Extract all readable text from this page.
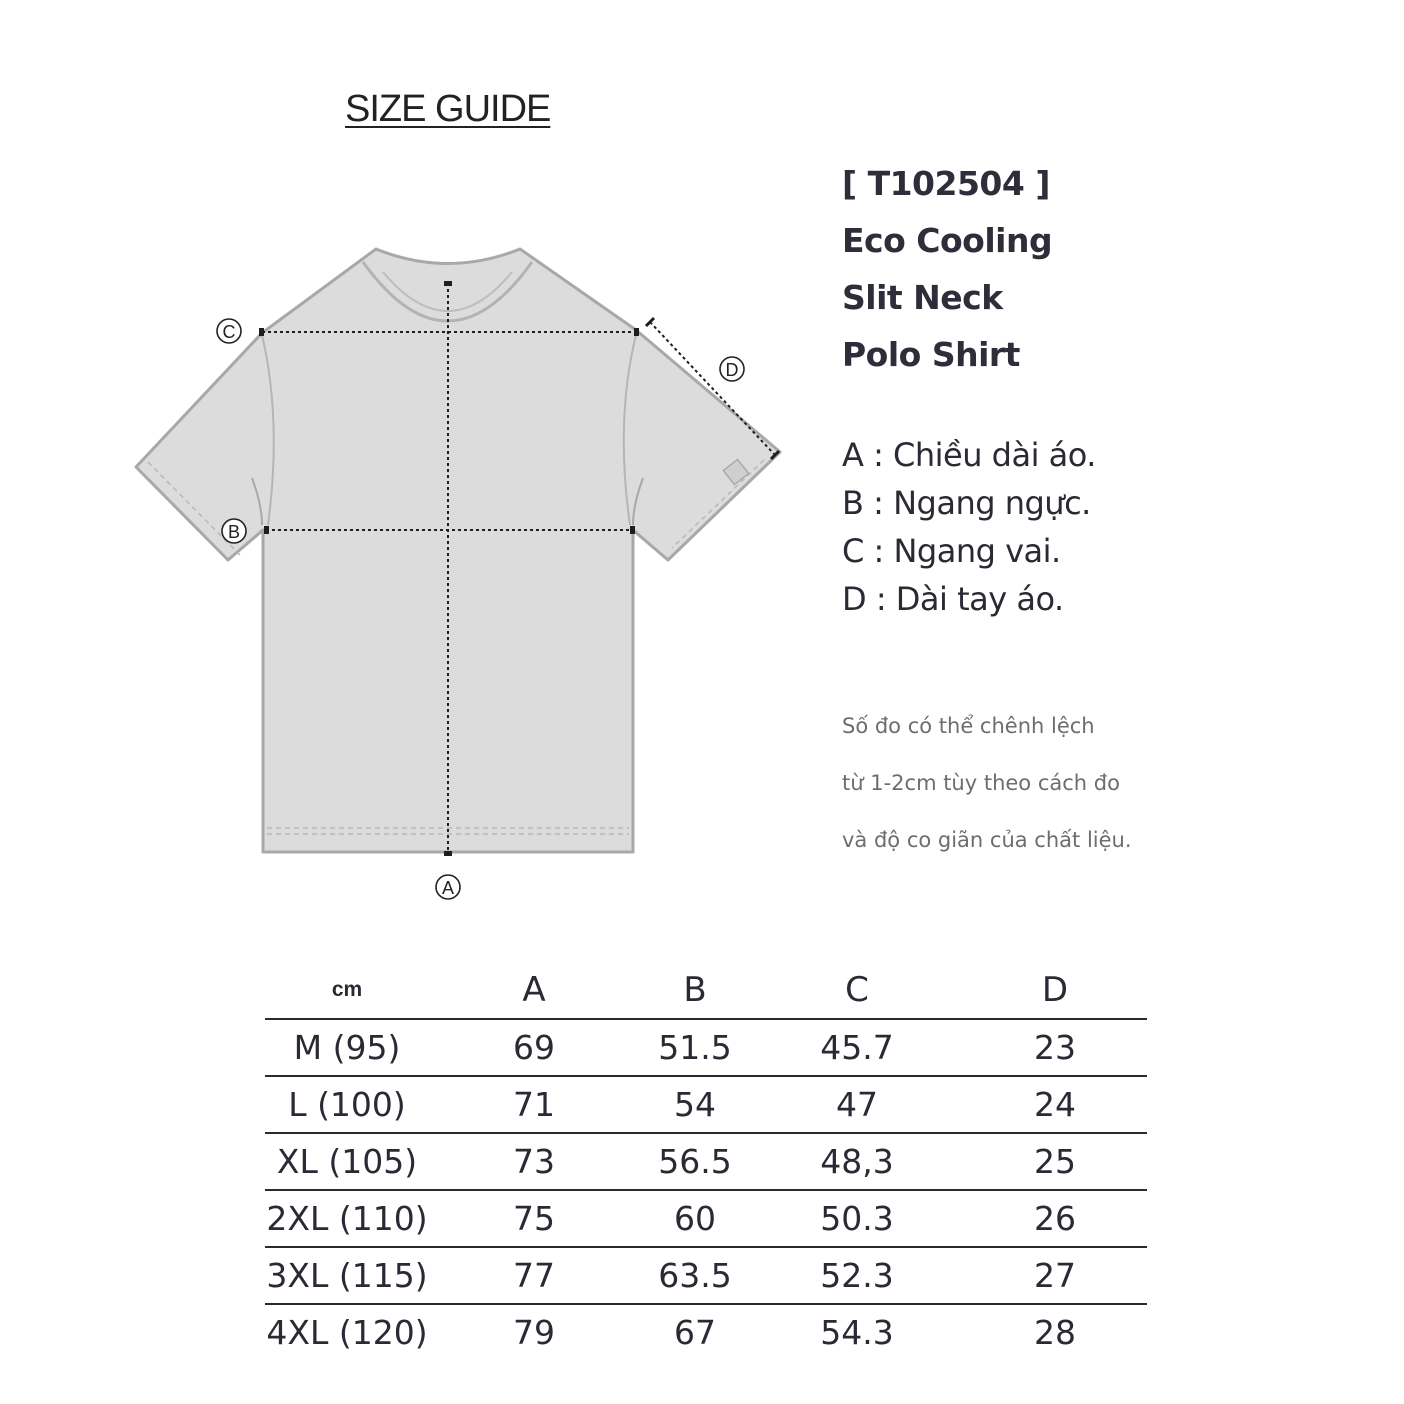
SIZE GUIDE
A
B
C
D
[ T102504 ]
Eco Cooling
Slit Neck
Polo Shirt
A : Chiều dài áo.
B : Ngang ngực.
C : Ngang vai.
D : Dài tay áo.
Số đo có thể chênh lệch
từ 1-2cm tùy theo cách đo
và độ co giãn của chất liệu.
cm	A	B	C	D
M (95)	69	51.5	45.7	23
L (100)	71	54	47	24
XL (105)	73	56.5	48,3	25
2XL (110)	75	60	50.3	26
3XL (115)	77	63.5	52.3	27
4XL (120)	79	67	54.3	28
